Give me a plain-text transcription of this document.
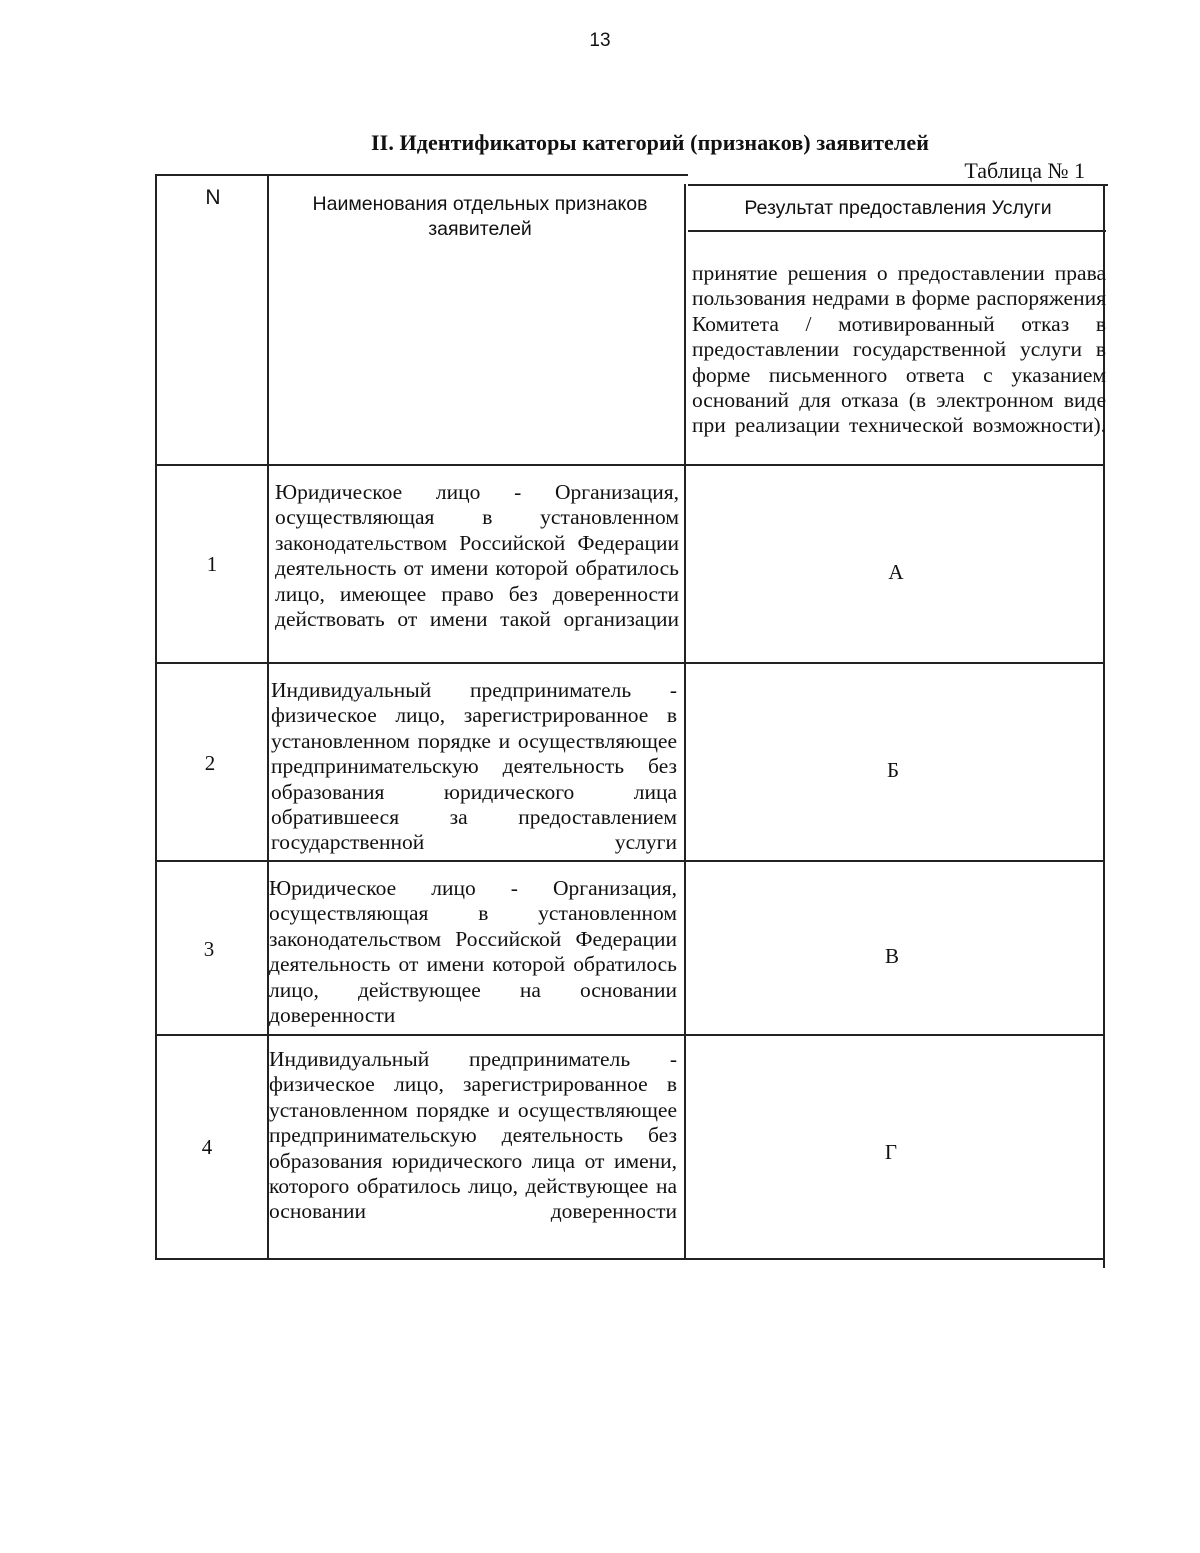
13
II. Идентификаторы категорий (признаков) заявителей
Таблица № 1
N	Наименования отдельных признаков заявителей
Результат предоставления Услуги
принятие решения о предоставлении права пользования недрами в форме распоряжения Комитета / мотивированный отказ в предоставлении государственной услуги в форме письменного ответа с указанием оснований для отказа (в электронном виде при реализации технической возможности).
1
Юридическое лицо - Организация, осуществляющая в установленном законодательством Российской Федерации деятельность от имени которой обратилось лицо, имеющее право без доверенности действовать от имени такой организации
А
2
Индивидуальный предприниматель - физическое лицо, зарегистрированное в установленном порядке и осуществляющее предпринимательскую деятельность без образования юридического лица обратившееся за предоставлением государственной услуги
Б
3
Юридическое лицо - Организация, осуществляющая в установленном законодательством Российской Федерации деятельность от имени которой обратилось лицо, действующее на основании доверенности
В
4
Индивидуальный предприниматель - физическое лицо, зарегистрированное в установленном порядке и осуществляющее предпринимательскую деятельность без образования юридического лица от имени, которого обратилось лицо, действующее на основании доверенности
Г
